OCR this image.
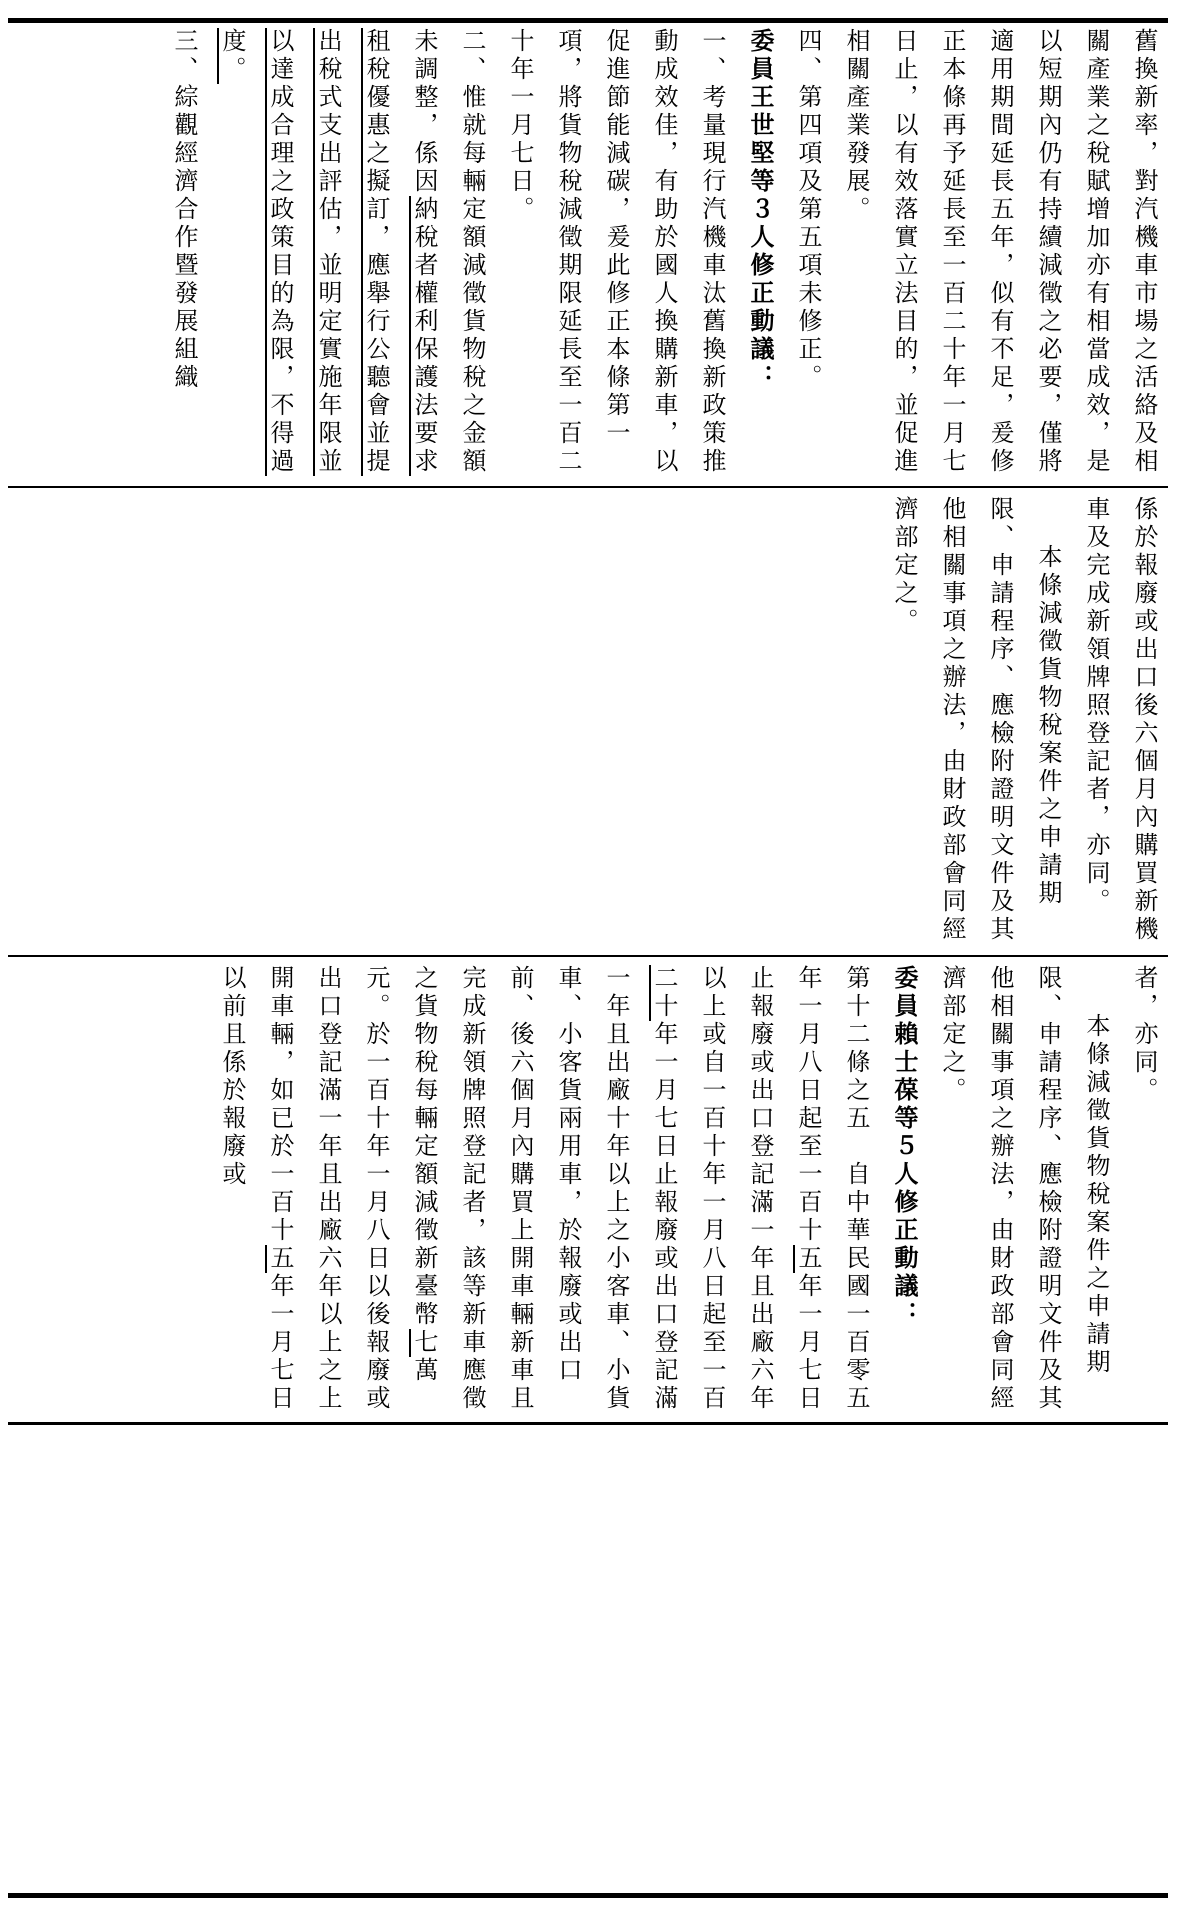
舊換新率，對汽機車市場之活絡及相關產業之稅賦增加亦有相當成效，是以短期內仍有持續減徵之必要，僅將適用期間延長五年，似有不足，爰修正本條再予延長至一百二十年一月七日止，以有效落實立法目的，並促進相關產業發展。

四、第四項及第五項未修正。

委員王世堅等３人修正動議：

一、考量現行汽機車汰舊換新政策推動成效佳，有助於國人換購新車，以促進節能減碳，爰此修正本條第一項，將貨物稅減徵期限延長至一百二十年一月七日。

二、惟就每輛定額減徵貨物稅之金額未調整，係因納稅者權利保護法要求租稅優惠之擬訂，應舉行公聽會並提出稅式支出評估，並明定實施年限並以達成合理之政策目的為限，不得過度。

三、綜觀經濟合作暨發展組織

係於報廢或出口後六個月內購買新機車及完成新領牌照登記者，亦同。

本條減徵貨物稅案件之申請期限、申請程序、應檢附證明文件及其他相關事項之辦法，由財政部會同經濟部定之。

者，亦同。

本條減徵貨物稅案件之申請期限、申請程序、應檢附證明文件及其他相關事項之辦法，由財政部會同經濟部定之。

委員賴士葆等５人修正動議：

第十二條之五　自中華民國一百零五年一月八日起至一百十五年一月七日止報廢或出口登記滿一年且出廠六年以上或自一百十年一月八日起至一百二十年一月七日止報廢或出口登記滿一年且出廠十年以上之小客車、小貨車、小客貨兩用車，於報廢或出口前、後六個月內購買上開車輛新車且完成新領牌照登記者，該等新車應徵之貨物稅每輛定額減徵新臺幣七萬元。於一百十年一月八日以後報廢或出口登記滿一年且出廠六年以上之上開車輛，如已於一百十五年一月七日以前且係於報廢或
